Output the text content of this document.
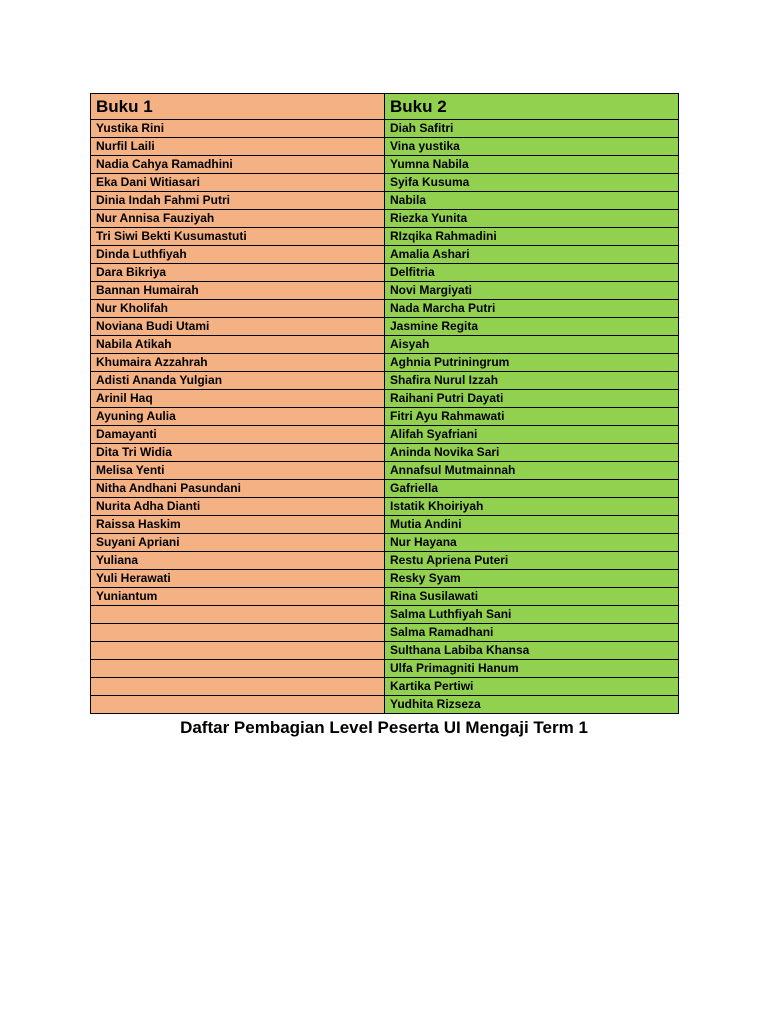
Buku 1	Buku 2
Yustika Rini	Diah Safitri
Nurfil Laili	Vina yustika
Nadia Cahya Ramadhini	Yumna Nabila
Eka Dani Witiasari	Syifa Kusuma
Dinia Indah Fahmi Putri	Nabila
Nur Annisa Fauziyah	Riezka Yunita
Tri Siwi Bekti Kusumastuti	RIzqika Rahmadini
Dinda Luthfiyah	Amalia Ashari
Dara Bikriya	Delfitria
Bannan Humairah	Novi Margiyati
Nur Kholifah	Nada Marcha Putri
Noviana Budi Utami	Jasmine Regita
Nabila Atikah	Aisyah
Khumaira Azzahrah	Aghnia Putriningrum
Adisti Ananda Yulgian	Shafira Nurul Izzah
Arinil Haq	Raihani Putri Dayati
Ayuning Aulia	Fitri Ayu Rahmawati
Damayanti	Alifah Syafriani
Dita Tri Widia	Aninda Novika Sari
Melisa Yenti	Annafsul Mutmainnah
Nitha Andhani Pasundani	Gafriella
Nurita Adha Dianti	Istatik Khoiriyah
Raissa Haskim	Mutia Andini
Suyani Apriani	Nur Hayana
Yuliana	Restu Apriena Puteri
Yuli Herawati	Resky Syam
Yuniantum	Rina Susilawati
	Salma Luthfiyah Sani
	Salma Ramadhani
	Sulthana Labiba Khansa
	Ulfa Primagniti Hanum
	Kartika Pertiwi
	Yudhita Rizseza
Daftar Pembagian Level Peserta UI Mengaji Term 1
